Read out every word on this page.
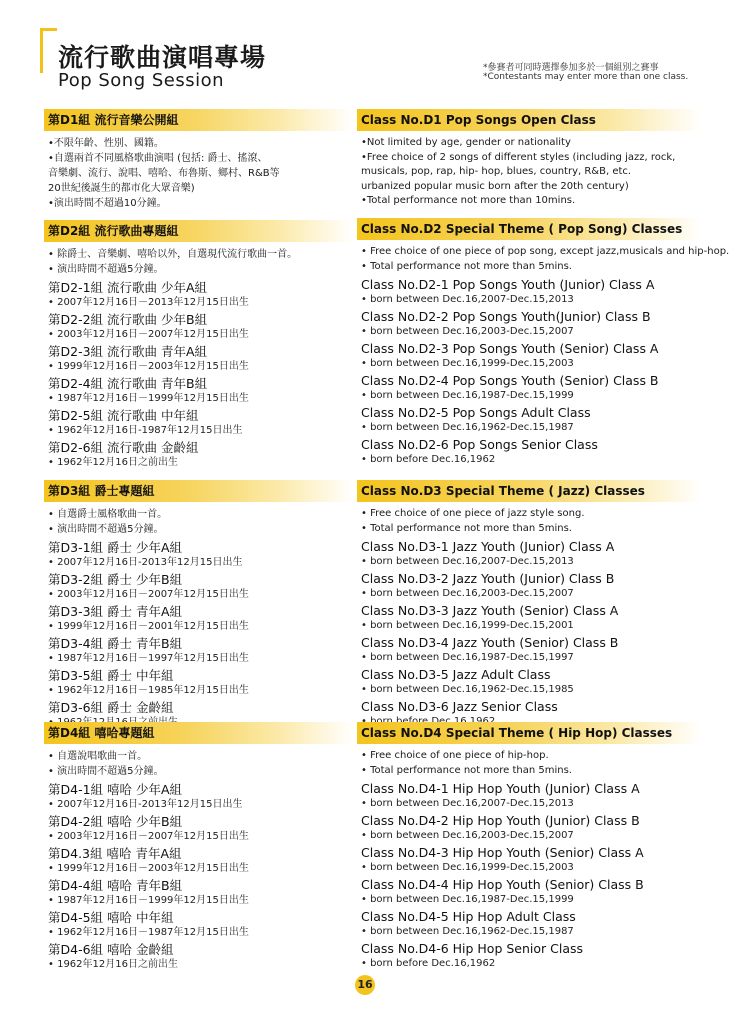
流行歌曲演唱專場
Pop Song Session
*參賽者可同時選擇參加多於一個組別之賽事
*Contestants may enter more than one class.
第D1組 流行音樂公開組
•不限年齡、性別、國籍。
•自選兩首不同風格歌曲演唱 (包括: 爵士、搖滾、
音樂劇、流行、說唱、嘻哈、布魯斯、鄉村、R&B等
20世紀後誕生的都市化大眾音樂)
•演出時間不超過10分鐘。
第D2組 流行歌曲專題組
• 除爵士、音樂劇、嘻哈以外，自選現代流行歌曲一首。
• 演出時間不超過5分鐘。
第D2-1組 流行歌曲 少年A組
• 2007年12月16日－2013年12月15日出生
第D2-2組 流行歌曲 少年B組
• 2003年12月16日－2007年12月15日出生
第D2-3組 流行歌曲 青年A組
• 1999年12月16日－2003年12月15日出生
第D2-4組 流行歌曲 青年B組
• 1987年12月16日－1999年12月15日出生
第D2-5組 流行歌曲 中年組
• 1962年12月16日-1987年12月15日出生
第D2-6組 流行歌曲 金齡組
• 1962年12月16日之前出生
第D3組 爵士專題組
• 自選爵士風格歌曲一首。
• 演出時間不超過5分鐘。
第D3-1組 爵士 少年A組
• 2007年12月16日-2013年12月15日出生
第D3-2組 爵士 少年B組
• 2003年12月16日－2007年12月15日出生
第D3-3組 爵士 青年A組
• 1999年12月16日－2001年12月15日出生
第D3-4組 爵士 青年B組
• 1987年12月16日－1997年12月15日出生
第D3-5組 爵士 中年組
• 1962年12月16日－1985年12月15日出生
第D3-6組 爵士 金齡組
第D4組 嘻哈專題組
• 自選說唱歌曲一首。
• 演出時間不超過5分鐘。
第D4-1組 嘻哈 少年A組
• 2007年12月16日-2013年12月15日出生
第D4-2組 嘻哈 少年B組
• 2003年12月16日－2007年12月15日出生
第D4.3組 嘻哈 青年A組
• 1999年12月16日－2003年12月15日出生
第D4-4組 嘻哈 青年B組
• 1987年12月16日－1999年12月15日出生
第D4-5組 嘻哈 中年組
• 1962年12月16日－1987年12月15日出生
第D4-6組 嘻哈 金齡組
• 1962年12月16日之前出生
Class No.D1 Pop Songs Open Class
•Not limited by age, gender or nationality
•Free choice of 2 songs of different styles (including jazz, rock,
musicals, pop, rap, hip- hop, blues, country, R&B, etc.
urbanized popular music born after the 20th century)
•Total performance not more than 10mins.
Class No.D2 Special Theme ( Pop Song) Classes
• Free choice of one piece of pop song, except jazz,musicals and hip-hop.
• Total performance not more than 5mins.
Class No.D2-1 Pop Songs Youth (Junior) Class A
• born between Dec.16,2007-Dec.15,2013
Class No.D2-2 Pop Songs Youth(Junior) Class B
• born between Dec.16,2003-Dec.15,2007
Class No.D2-3 Pop Songs Youth (Senior) Class A
• born between Dec.16,1999-Dec.15,2003
Class No.D2-4 Pop Songs Youth (Senior) Class B
• born between Dec.16,1987-Dec.15,1999
Class No.D2-5 Pop Songs Adult Class
• born between Dec.16,1962-Dec.15,1987
Class No.D2-6 Pop Songs Senior Class
• born before Dec.16,1962
Class No.D3 Special Theme ( Jazz) Classes
• Free choice of one piece of jazz style song.
• Total performance not more than 5mins.
Class No.D3-1 Jazz Youth (Junior) Class A
• born between Dec.16,2007-Dec.15,2013
Class No.D3-2 Jazz Youth (Junior) Class B
• born between Dec.16,2003-Dec.15,2007
Class No.D3-3 Jazz Youth (Senior) Class A
• born between Dec.16,1999-Dec.15,2001
Class No.D3-4 Jazz Youth (Senior) Class B
• born between Dec.16,1987-Dec.15,1997
Class No.D3-5 Jazz Adult Class
• born between Dec.16,1962-Dec.15,1985
Class No.D3-6 Jazz Senior Class
Class No.D4 Special Theme ( Hip Hop) Classes
• Free choice of one piece of hip-hop.
• Total performance not more than 5mins.
Class No.D4-1 Hip Hop Youth (Junior) Class A
• born between Dec.16,2007-Dec.15,2013
Class No.D4-2 Hip Hop Youth (Junior) Class B
• born between Dec.16,2003-Dec.15,2007
Class No.D4-3 Hip Hop Youth (Senior) Class A
• born between Dec.16,1999-Dec.15,2003
Class No.D4-4 Hip Hop Youth (Senior) Class B
• born between Dec.16,1987-Dec.15,1999
Class No.D4-5 Hip Hop Adult Class
• born between Dec.16,1962-Dec.15,1987
Class No.D4-6 Hip Hop Senior Class
• born before Dec.16,1962
16
